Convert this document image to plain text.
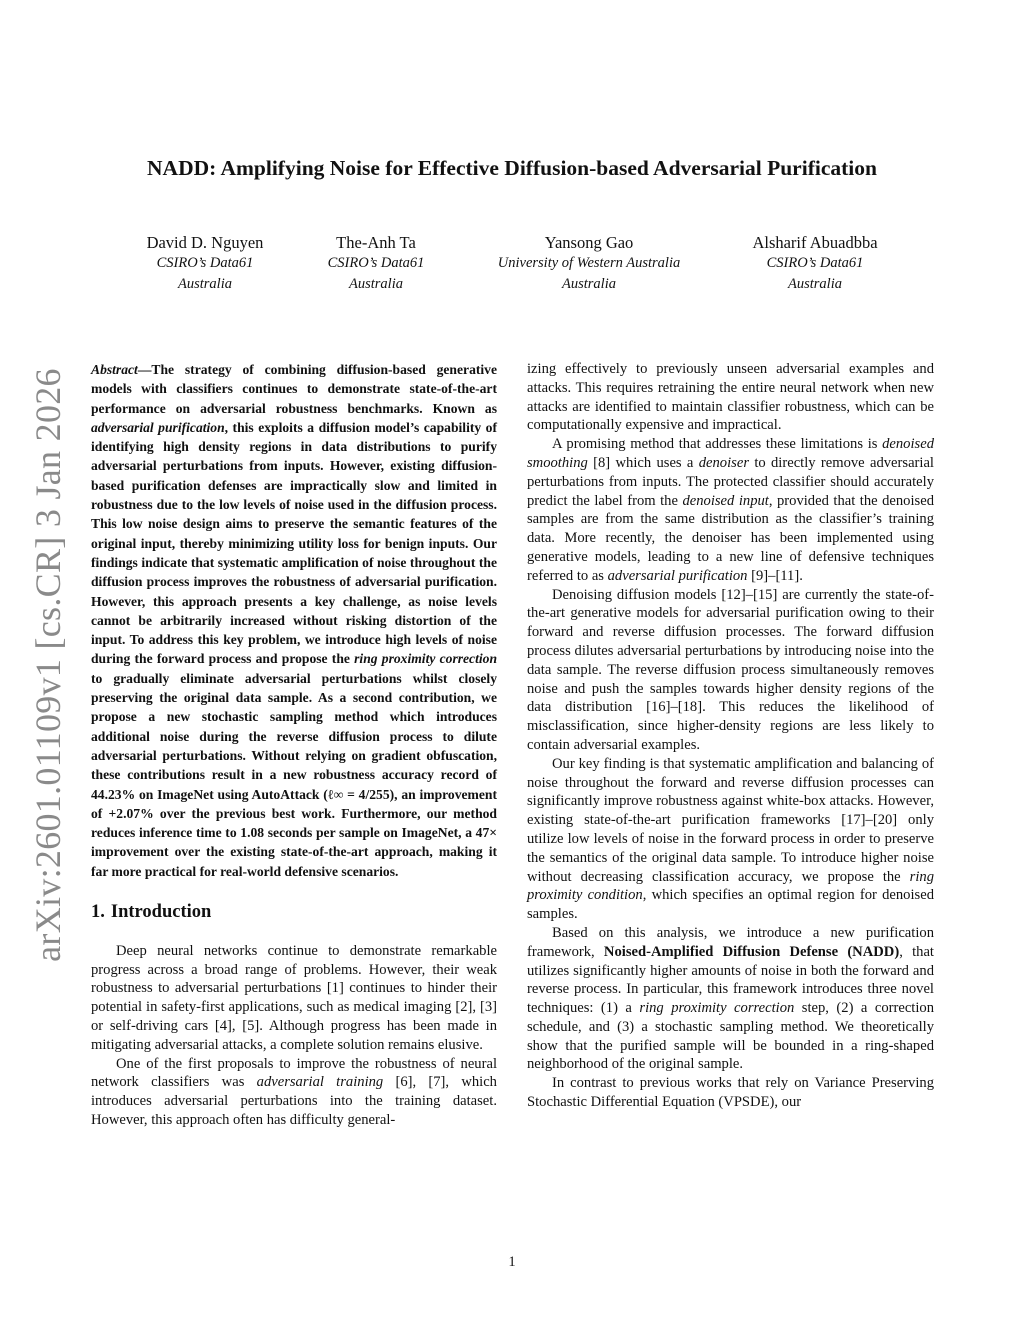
arXiv:2601.01109v1 [cs.CR] 3 Jan 2026
NADD: Amplifying Noise for Effective Diffusion-based Adversarial Purification
David D. Nguyen
CSIRO’s Data61
Australia
The-Anh Ta
CSIRO’s Data61
Australia
Yansong Gao
University of Western Australia
Australia
Alsharif Abuadbba
CSIRO’s Data61
Australia

Abstract—The strategy of combining diffusion-based generative models with classifiers continues to demonstrate state-of-the-art performance on adversarial robustness benchmarks. Known as adversarial purification, this exploits a diffusion model’s capability of identifying high density regions in data distributions to purify adversarial perturbations from inputs. However, existing diffusion-based purification defenses are impractically slow and limited in robustness due to the low levels of noise used in the diffusion process. This low noise design aims to preserve the semantic features of the original input, thereby minimizing utility loss for benign inputs. Our findings indicate that systematic amplification of noise throughout the diffusion process improves the robustness of adversarial purification. However, this approach presents a key challenge, as noise levels cannot be arbitrarily increased without risking distortion of the input. To address this key problem, we introduce high levels of noise during the forward process and propose the ring proximity correction to gradually eliminate adversarial perturbations whilst closely preserving the original data sample. As a second contribution, we propose a new stochastic sampling method which introduces additional noise during the reverse diffusion process to dilute adversarial perturbations. Without relying on gradient obfuscation, these contributions result in a new robustness accuracy record of 44.23% on ImageNet using AutoAttack (ℓ∞ = 4/255), an improvement of +2.07% over the previous best work. Furthermore, our method reduces inference time to 1.08 seconds per sample on ImageNet, a 47× improvement over the existing state-of-the-art approach, making it far more practical for real-world defensive scenarios.

1. Introduction

Deep neural networks continue to demonstrate remarkable progress across a broad range of problems. However, their weak robustness to adversarial perturbations [1] continues to hinder their potential in safety-first applications, such as medical imaging [2], [3] or self-driving cars [4], [5]. Although progress has been made in mitigating adversarial attacks, a complete solution remains elusive.

One of the first proposals to improve the robustness of neural network classifiers was adversarial training [6], [7], which introduces adversarial perturbations into the training dataset. However, this approach often has difficulty general-

izing effectively to previously unseen adversarial examples and attacks. This requires retraining the entire neural network when new attacks are identified to maintain classifier robustness, which can be computationally expensive and impractical.

A promising method that addresses these limitations is denoised smoothing [8] which uses a denoiser to directly remove adversarial perturbations from inputs. The protected classifier should accurately predict the label from the denoised input, provided that the denoised samples are from the same distribution as the classifier’s training data. More recently, the denoiser has been implemented using generative models, leading to a new line of defensive techniques referred to as adversarial purification [9]–[11].

Denoising diffusion models [12]–[15] are currently the state-of-the-art generative models for adversarial purification owing to their forward and reverse diffusion processes. The forward diffusion process dilutes adversarial perturbations by introducing noise into the data sample. The reverse diffusion process simultaneously removes noise and push the samples towards higher density regions of the data distribution [16]–[18]. This reduces the likelihood of misclassification, since higher-density regions are less likely to contain adversarial examples.

Our key finding is that systematic amplification and balancing of noise throughout the forward and reverse diffusion processes can significantly improve robustness against white-box attacks. However, existing state-of-the-art purification frameworks [17]–[20] only utilize low levels of noise in the forward process in order to preserve the semantics of the original data sample. To introduce higher noise without decreasing classification accuracy, we propose the ring proximity condition, which specifies an optimal region for denoised samples.

Based on this analysis, we introduce a new purification framework, Noised-Amplified Diffusion Defense (NADD), that utilizes significantly higher amounts of noise in both the forward and reverse process. In particular, this framework introduces three novel techniques: (1) a ring proximity correction step, (2) a correction schedule, and (3) a stochastic sampling method. We theoretically show that the purified sample will be bounded in a ring-shaped neighborhood of the original sample.

In contrast to previous works that rely on Variance Preserving Stochastic Differential Equation (VPSDE), our

1
